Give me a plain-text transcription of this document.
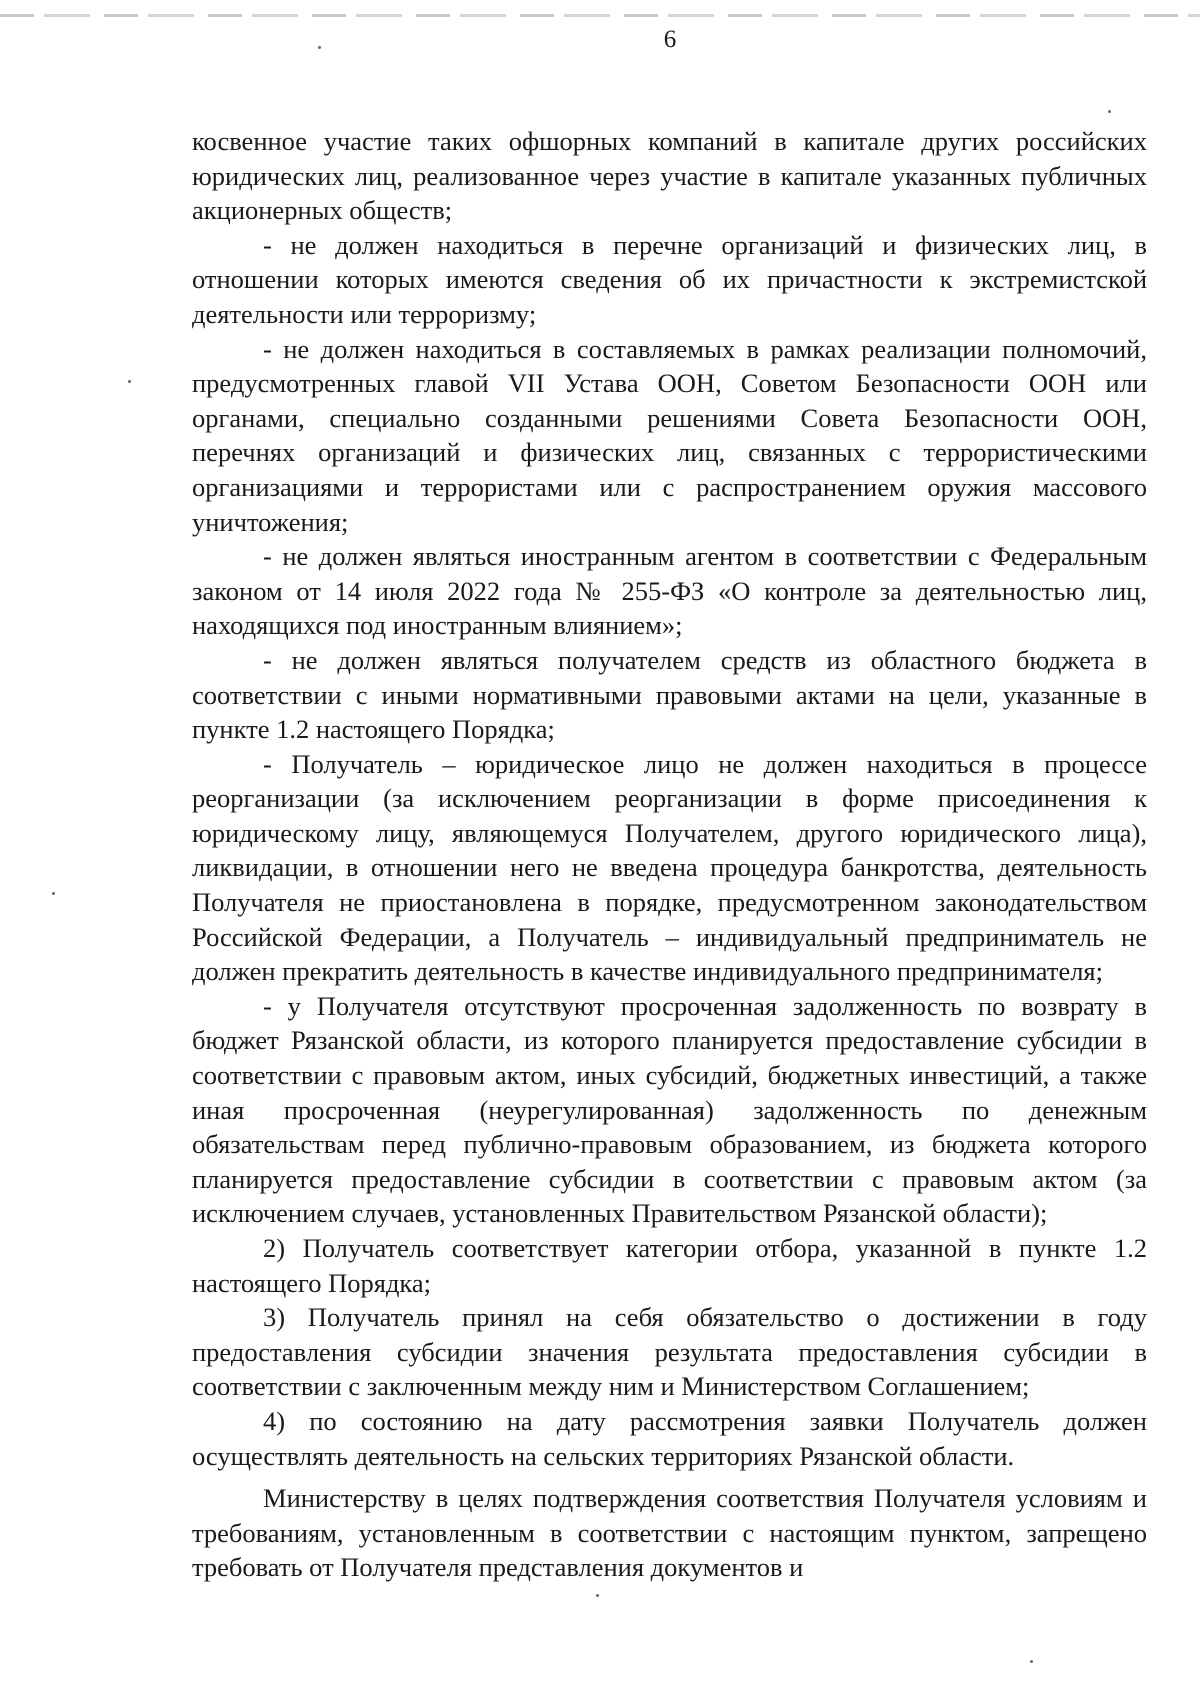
6

косвенное участие таких офшорных компаний в капитале других российских юридических лиц, реализованное через участие в капитале указанных публичных акционерных обществ;

- не должен находиться в перечне организаций и физических лиц, в отношении которых имеются сведения об их причастности к экстремистской деятельности или терроризму;

- не должен находиться в составляемых в рамках реализации полномочий, предусмотренных главой VII Устава ООН, Советом Безопасности ООН или органами, специально созданными решениями Совета Безопасности ООН, перечнях организаций и физических лиц, связанных с террористическими организациями и террористами или с распространением оружия массового уничтожения;

- не должен являться иностранным агентом в соответствии с Федеральным законом от 14 июля 2022 года № 255-ФЗ «О контроле за деятельностью лиц, находящихся под иностранным влиянием»;

- не должен являться получателем средств из областного бюджета в соответствии с иными нормативными правовыми актами на цели, указанные в пункте 1.2 настоящего Порядка;

- Получатель – юридическое лицо не должен находиться в процессе реорганизации (за исключением реорганизации в форме присоединения к юридическому лицу, являющемуся Получателем, другого юридического лица), ликвидации, в отношении него не введена процедура банкротства, деятельность Получателя не приостановлена в порядке, предусмотренном законодательством Российской Федерации, а Получатель – индивидуальный предприниматель не должен прекратить деятельность в качестве индивидуального предпринимателя;

- у Получателя отсутствуют просроченная задолженность по возврату в бюджет Рязанской области, из которого планируется предоставление субсидии в соответствии с правовым актом, иных субсидий, бюджетных инвестиций, а также иная просроченная (неурегулированная) задолженность по денежным обязательствам перед публично-правовым образованием, из бюджета которого планируется предоставление субсидии в соответствии с правовым актом (за исключением случаев, установленных Правительством Рязанской области);

2) Получатель соответствует категории отбора, указанной в пункте 1.2 настоящего Порядка;

3) Получатель принял на себя обязательство о достижении в году предоставления субсидии значения результата предоставления субсидии в соответствии с заключенным между ним и Министерством Соглашением;

4) по состоянию на дату рассмотрения заявки Получатель должен осуществлять деятельность на сельских территориях Рязанской области.

Министерству в целях подтверждения соответствия Получателя условиям и требованиям, установленным в соответствии с настоящим пунктом, запрещено требовать от Получателя представления документов и
